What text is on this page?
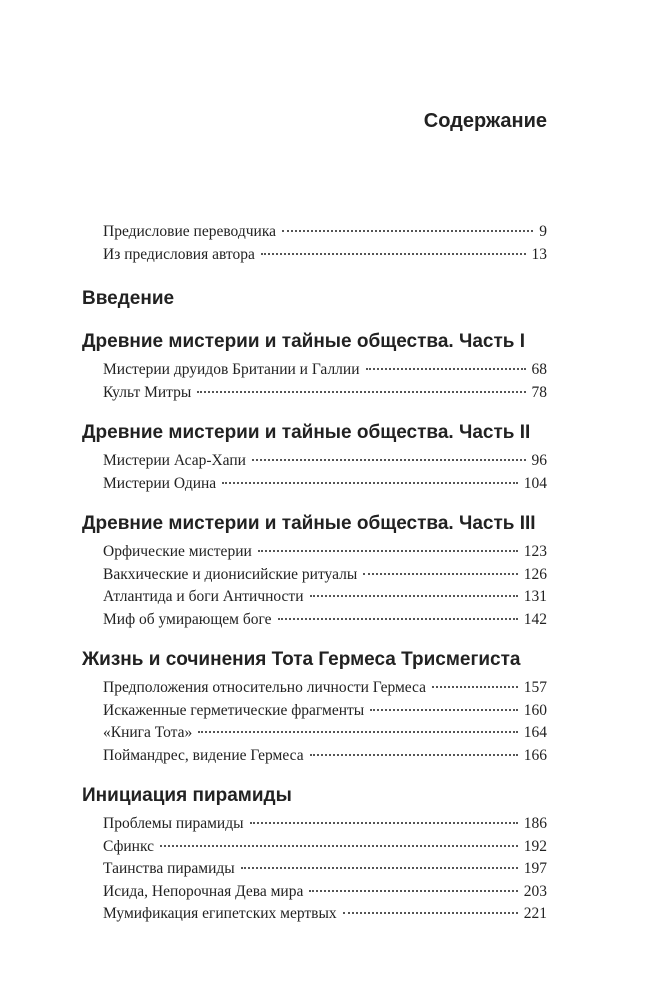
Содержание
Предисловие переводчика	9
Из предисловия автора	13
Введение
Древние мистерии и тайные общества. Часть I
Мистерии друидов Британии и Галлии	68
Культ Митры	78
Древние мистерии и тайные общества. Часть II
Мистерии Асар-Хапи	96
Мистерии Одина	104
Древние мистерии и тайные общества. Часть III
Орфические мистерии	123
Вакхические и дионисийские ритуалы	126
Атлантида и боги Античности	131
Миф об умирающем боге	142
Жизнь и сочинения Тота Гермеса Трисмегиста
Предположения относительно личности Гермеса	157
Искаженные герметические фрагменты	160
«Книга Тота»	164
Поймандрес, видение Гермеса	166
Инициация пирамиды
Проблемы пирамиды	186
Сфинкс	192
Таинства пирамиды	197
Исида, Непорочная Дева мира	203
Мумификация египетских мертвых	221
